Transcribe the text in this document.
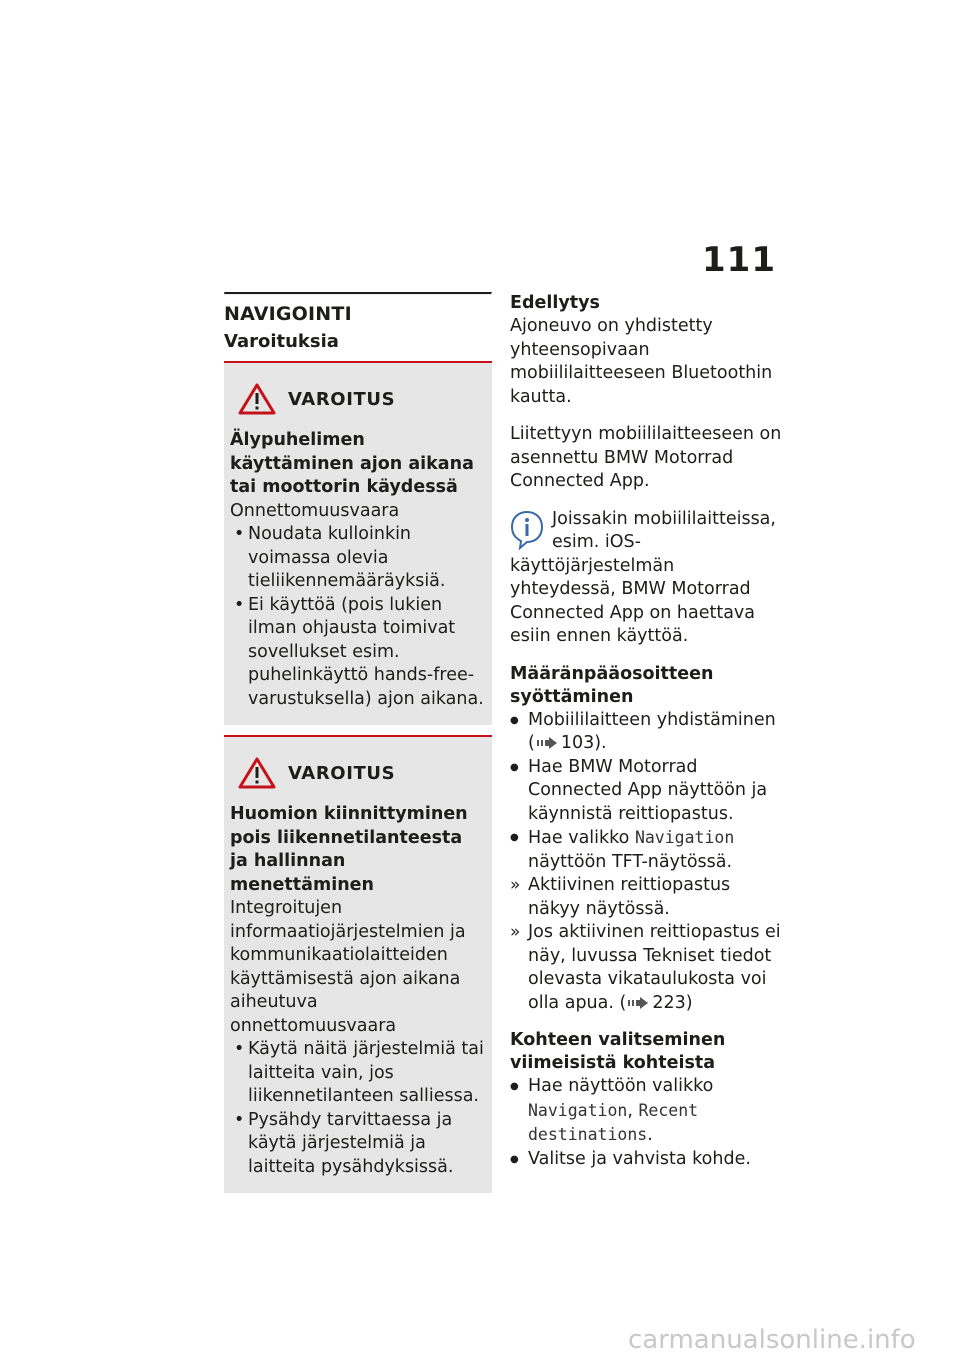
111
NAVIGOINTI
Varoituksia
VAROITUS
Älypuhelimen käyttäminen ajon aikana tai moottorin käydessä
Onnettomuusvaara
• Noudata kulloinkin voimassa olevia tieliikennemääräyksiä.
• Ei käyttöä (pois lukien ilman ohjausta toimivat sovellukset esim. puhelinkäyttö hands-free-varustuksella) ajon aikana.
VAROITUS
Huomion kiinnittyminen pois liikennetilanteesta ja hallinnan menettäminen
Integroitujen informaatiojärjestelmien ja kommunikaatiolaitteiden käyttämisestä ajon aikana aiheutuva onnettomuusvaara
• Käytä näitä järjestelmiä tai laitteita vain, jos liikennetilanteen salliessa.
• Pysähdy tarvittaessa ja käytä järjestelmiä ja laitteita pysähdyksissä.
Edellytys
Ajoneuvo on yhdistetty yhteensopivaan mobiililaitteeseen Bluetoothin kautta.
Liitettyyn mobiililaitteeseen on asennettu BMW Motorrad Connected App.
Joissakin mobiililaitteissa, esim. iOS-käyttöjärjestelmän yhteydessä, BMW Motorrad Connected App on haettava esiin ennen käyttöä.
Määränpääosoitteen syöttäminen
● Mobiililaitteen yhdistäminen ( 103).
● Hae BMW Motorrad Connected App näyttöön ja käynnistä reittiopastus.
● Hae valikko Navigation näyttöön TFT-näytössä.
» Aktiivinen reittiopastus näkyy näytössä.
» Jos aktiivinen reittiopastus ei näy, luvussa Tekniset tiedot olevasta vikataulukosta voi olla apua. ( 223)
Kohteen valitseminen viimeisistä kohteista
● Hae näyttöön valikko Navigation, Recent destinations.
● Valitse ja vahvista kohde.
carmanualsonline.info
